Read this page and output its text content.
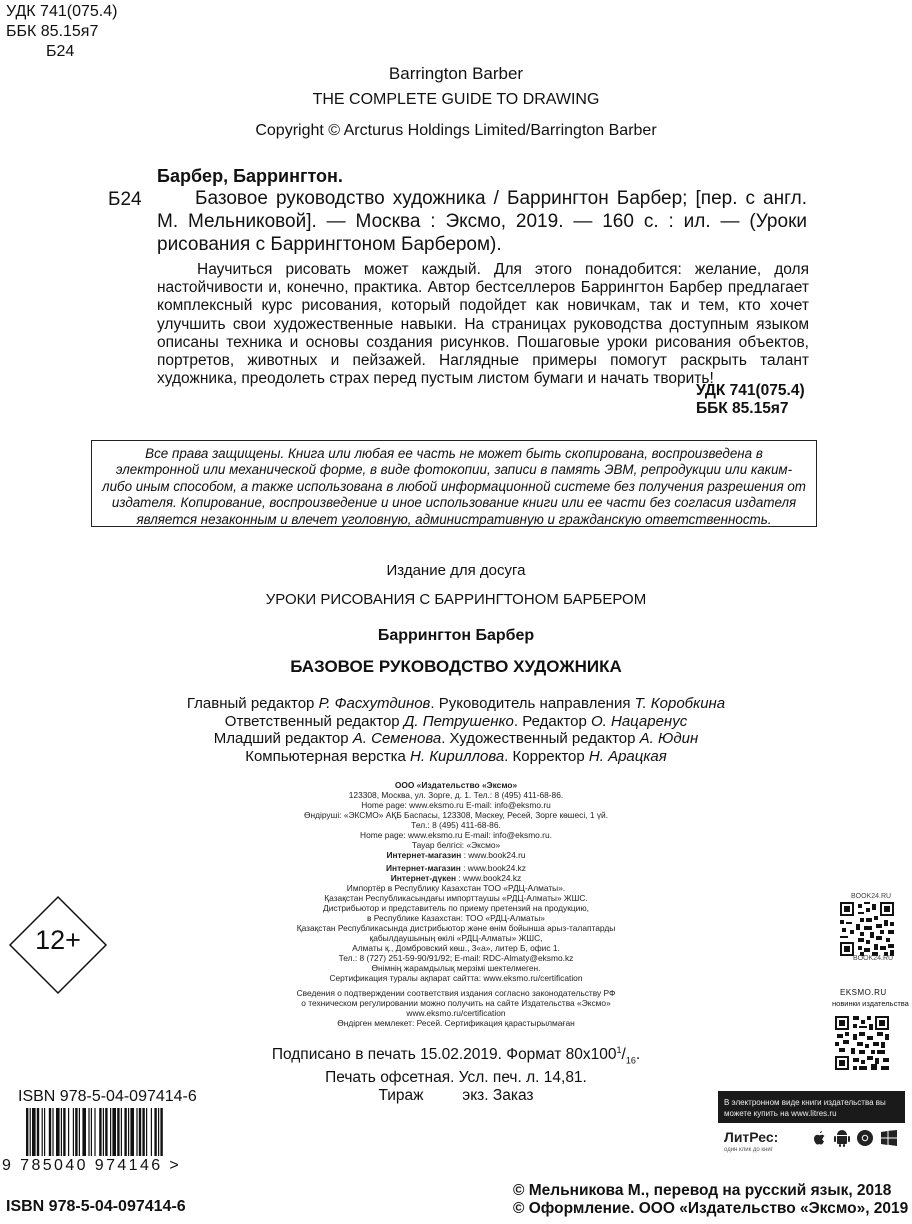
УДК 741(075.4)
ББК 85.15я7
Б24
Barrington Barber
THE COMPLETE GUIDE TO DRAWING
Copyright © Arcturus Holdings Limited/Barrington Barber
Барбер, Баррингтон.
Б24	Базовое руководство художника / Баррингтон Барбер; [пер. с англ. М. Мельниковой]. — Москва : Эксмо, 2019. — 160 с. : ил. — (Уроки рисования с Баррингтоном Барбером).
Научиться рисовать может каждый. Для этого понадобится: желание, доля настойчивости и, конечно, практика. Автор бестселлеров Баррингтон Барбер предлагает комплексный курс рисования, который подойдет как новичкам, так и тем, кто хочет улучшить свои художественные навыки. На страницах руководства доступным языком описаны техника и основы создания рисунков. Пошаговые уроки рисования объектов, портретов, животных и пейзажей. Наглядные примеры помогут раскрыть талант художника, преодолеть страх перед пустым листом бумаги и начать творить!
УДК 741(075.4)
ББК 85.15я7
Все права защищены. Книга или любая ее часть не может быть скопирована, воспроизведена в электронной или механической форме, в виде фотокопии, записи в память ЭВМ, репродукции или каким-либо иным способом, а также использована в любой информационной системе без получения разрешения от издателя. Копирование, воспроизведение и иное использование книги или ее части без согласия издателя является незаконным и влечет уголовную, административную и гражданскую ответственность.
Издание для досуга
УРОКИ РИСОВАНИЯ С БАРРИНГТОНОМ БАРБЕРОМ
Баррингтон Барбер
БАЗОВОЕ РУКОВОДСТВО ХУДОЖНИКА
Главный редактор Р. Фасхутдинов. Руководитель направления Т. Коробкина
Ответственный редактор Д. Петрушенко. Редактор О. Нацаренус
Младший редактор А. Семенова. Художественный редактор А. Юдин
Компьютерная верстка Н. Кириллова. Корректор Н. Арацкая
ООО «Издательство «Эксмо»
123308, Москва, ул. Зорге, д. 1. Тел.: 8 (495) 411-68-86.
Home page: www.eksmo.ru E-mail: info@eksmo.ru
Өндіруші: «ЭКСМО» АҚБ Баспасы, 123308, Мәскеу, Ресей, Зорге көшесі, 1 үй.
Тел.: 8 (495) 411-68-86.
Home page: www.eksmo.ru E-mail: info@eksmo.ru.
Тауар белгісі: «Эксмо»
Интернет-магазин : www.book24.ru
Интернет-магазин : www.book24.kz
Интернет-дүкен : www.book24.kz
Импортёр в Республику Казахстан ТОО «РДЦ-Алматы».
Қазақстан Республикасындағы импорттаушы «РДЦ-Алматы» ЖШС.
Дистрибьютор и представитель по приему претензий на продукцию,
в Республике Казахстан: ТОО «РДЦ-Алматы»
Қазақстан Республикасында дистрибьютор және өнім бойынша арыз-талаптарды
қабылдаушының өкілі «РДЦ-Алматы» ЖШС,
Алматы қ., Домбровский көш., 3«а», литер Б, офис 1.
Тел.: 8 (727) 251-59-90/91/92; E-mail: RDC-Almaty@eksmo.kz
Өнімнің жарамдылық мерзімі шектелмеген.
Сертификация туралы ақпарат сайтта: www.eksmo.ru/certification
Сведения о подтверждении соответствия издания согласно законодательству РФ
о техническом регулировании можно получить на сайте Издательства «Эксмо»
www.eksmo.ru/certification
Өндірген мемлекет: Ресей. Сертификация қарастырылмаған
Подписано в печать 15.02.2019. Формат $80x100^1/_{16}$.
Печать офсетная. Усл. печ. л. 14,81.
Тираж         экз. Заказ
12+
BOOK24.RU
BOOK24.RU
EKSMO.RU
новинки издательства
ISBN 978-5-04-097414-6
9 785040 974146 >
ISBN 978-5-04-097414-6
© Мельникова М., перевод на русский язык, 2018
© Оформление. ООО «Издательство «Эксмо», 2019
В электронном виде книги издательства вы можете купить на www.litres.ru
ЛитРес:
один клик до книг
